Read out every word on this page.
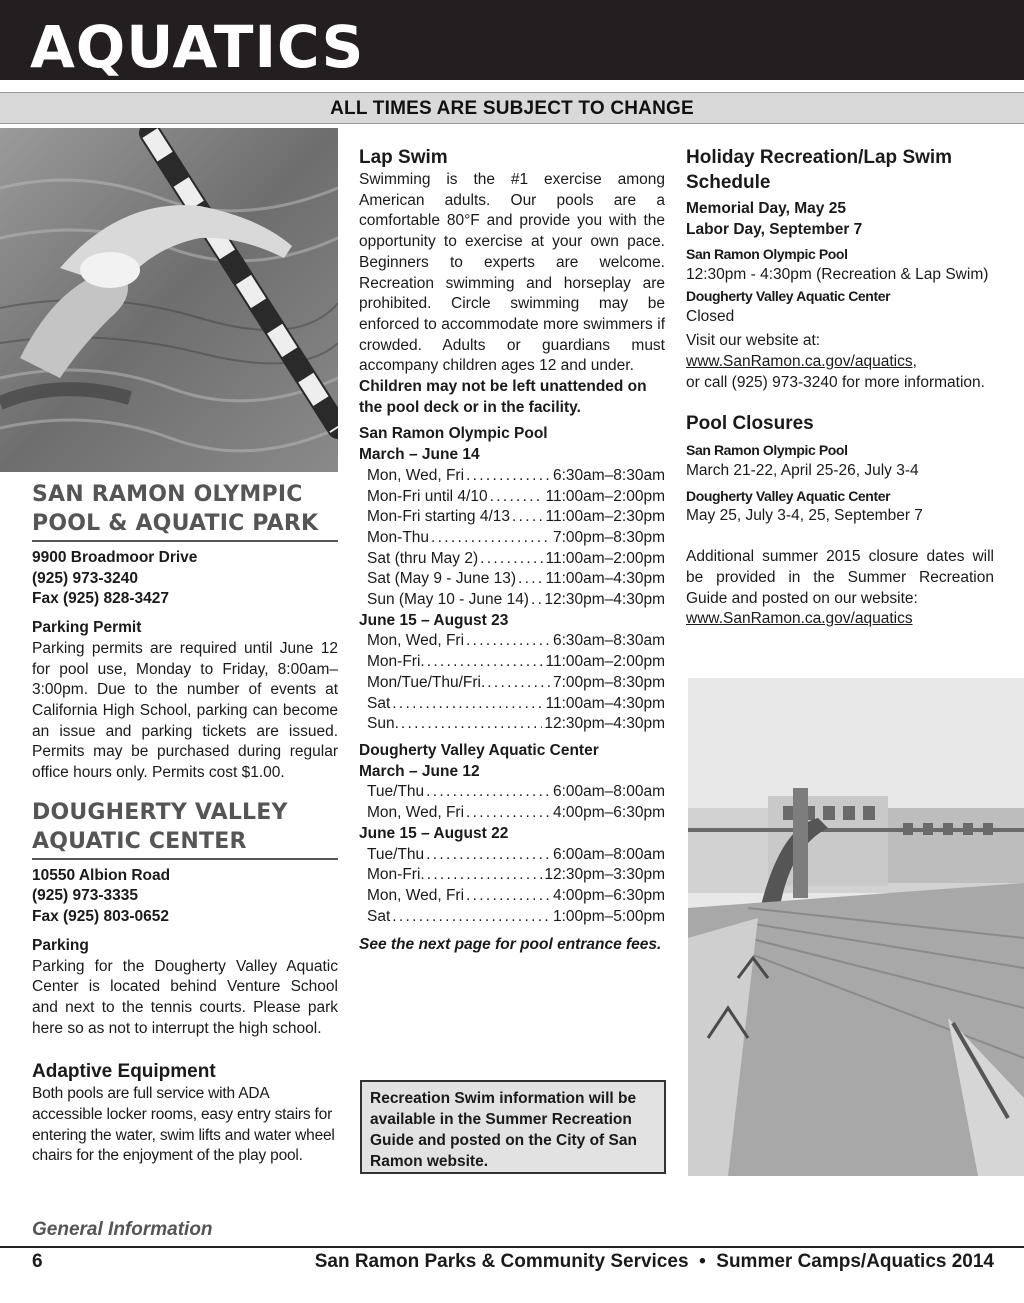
AQUATICS
ALL TIMES ARE SUBJECT TO CHANGE
SAN RAMON OLYMPIC
POOL & AQUATIC PARK
9900 Broadmoor Drive
(925) 973-3240
Fax (925) 828-3427
Parking Permit

Parking permits are required until June 12 for pool use, Monday to Friday, 8:00am–3:00pm. Due to the number of events at California High School, parking can become an issue and parking tickets are issued. Permits may be purchased during regular office hours only. Permits cost $1.00.

DOUGHERTY VALLEY
AQUATIC CENTER
10550 Albion Road
(925) 973-3335
Fax (925) 803-0652
Parking

Parking for the Dougherty Valley Aquatic Center is located behind Venture School and next to the tennis courts. Please park here so as not to interrupt the high school.

Adaptive Equipment

Both pools are full service with ADA accessible locker rooms, easy entry stairs for entering the water, swim lifts and water wheel chairs for the enjoyment of the play pool.

Lap Swim

Swimming is the #1 exercise among American adults. Our pools are a comfortable 80°F and provide you with the opportunity to exercise at your own pace. Beginners to experts are welcome. Recreation swimming and horseplay are prohibited. Circle swimming may be enforced to accommodate more swimmers if crowded. Adults or guardians must accompany children ages 12 and under.

Children may not be left unattended on the pool deck or in the facility.

San Ramon Olympic Pool
March – June 14
Mon, Wed, Fri . . .	6:30am–8:30am
Mon-Fri until 4/10 . . .	11:00am–2:00pm
Mon-Fri starting 4/13 . . . 11:00am–2:30pm
Mon-Thu . . .	7:00pm–8:30pm
Sat (thru May 2) . . .	11:00am–2:00pm
Sat (May 9 - June 13) . . . 11:00am–4:30pm
Sun (May 10 - June 14) . . . 12:30pm–4:30pm
June 15 – August 23
Mon, Wed, Fri . . .	6:30am–8:30am
Mon-Fri. . . .	11:00am–2:00pm
Mon/Tue/Thu/Fri. . . .	7:00pm–8:30pm
Sat . . .	11:00am–4:30pm
Sun. . . .	12:30pm–4:30pm
Dougherty Valley Aquatic Center
March – June 12
Tue/Thu . . .	6:00am–8:00am
Mon, Wed, Fri . . .	4:00pm–6:30pm
June 15 – August 22
Tue/Thu . . .	6:00am–8:00am
Mon-Fri. . . .	12:30pm–3:30pm
Mon, Wed, Fri . . .	4:00pm–6:30pm
Sat . . .	1:00pm–5:00pm

See the next page for pool entrance fees.

Recreation Swim information will be available in the Summer Recreation Guide and posted on the City of San Ramon website.
Holiday Recreation/Lap Swim Schedule
Memorial Day, May 25
Labor Day, September 7
San Ramon Olympic Pool
12:30pm - 4:30pm (Recreation & Lap Swim)
Dougherty Valley Aquatic Center
Closed
Visit our website at:
www.SanRamon.ca.gov/aquatics,
or call (925) 973-3240 for more information.
Pool Closures
San Ramon Olympic Pool
March 21-22, April 25-26, July 3-4
Dougherty Valley Aquatic Center
May 25, July 3-4, 25, September 7

Additional summer 2015 closure dates will be provided in the Summer Recreation Guide and posted on our website:

www.SanRamon.ca.gov/aquatics
General Information
6	San Ramon Parks & Community Services  •  Summer Camps/Aquatics 2014
